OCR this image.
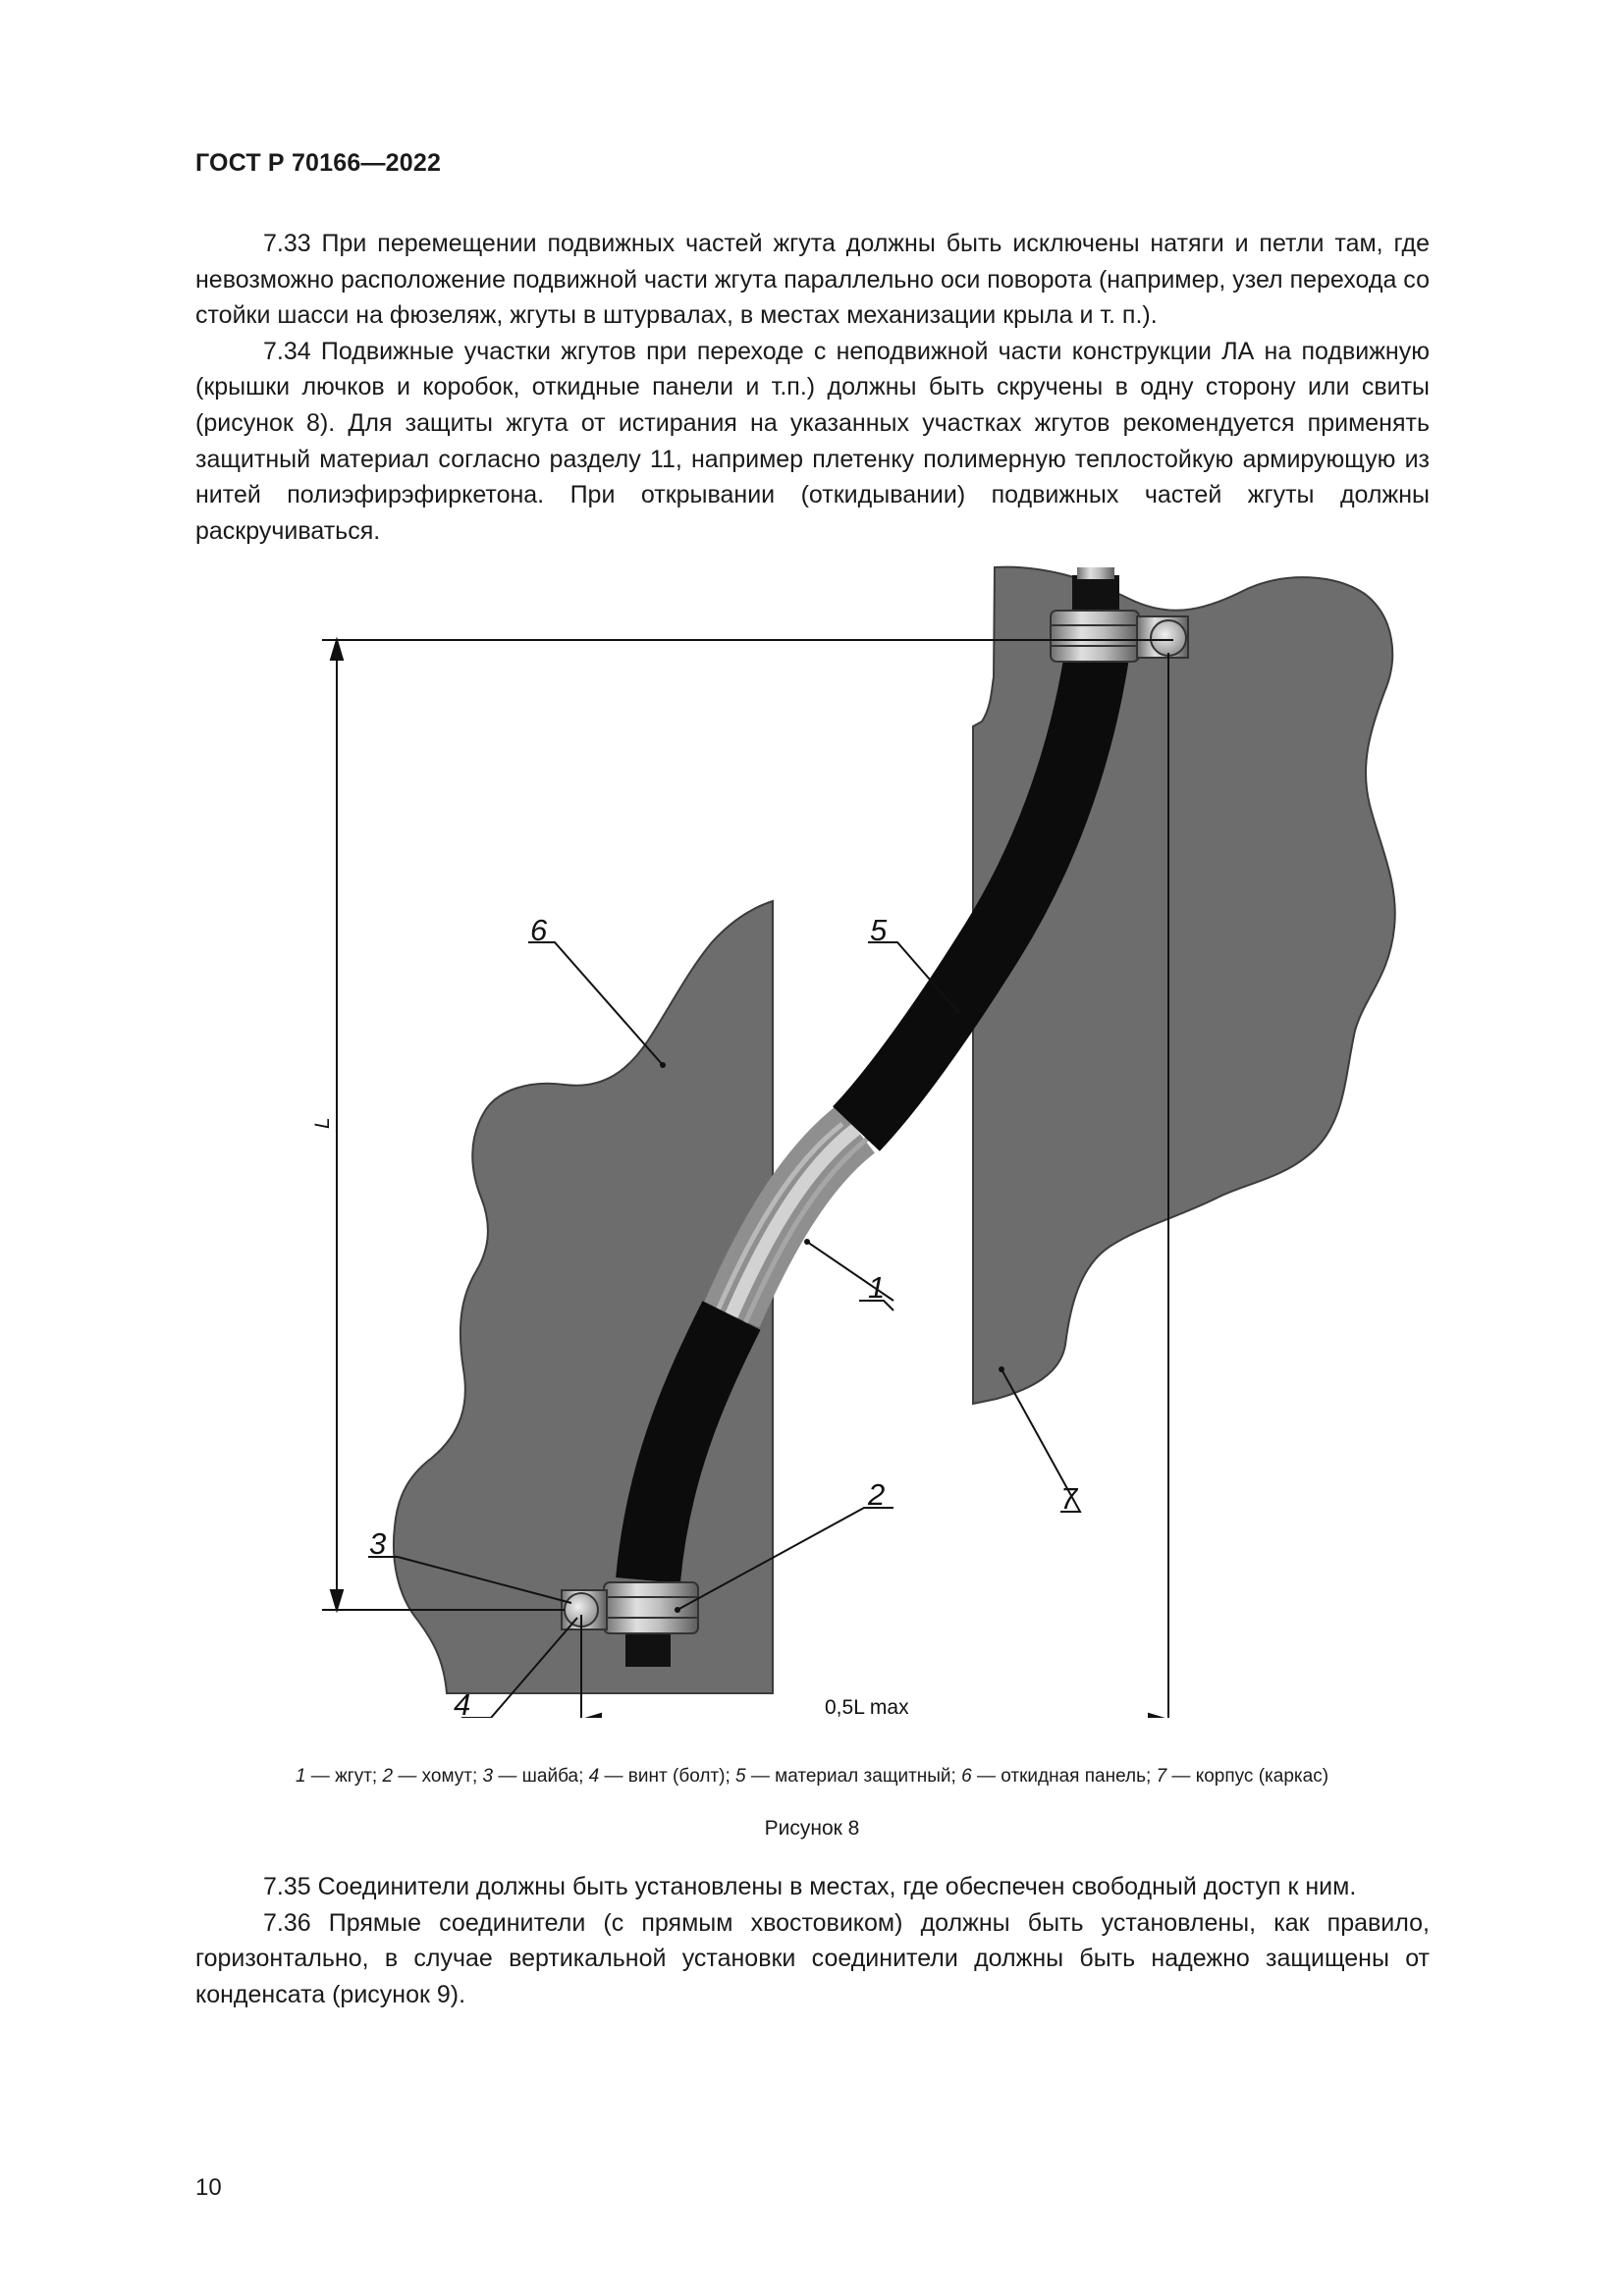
ГОСТ Р 70166—2022

7.33 При перемещении подвижных частей жгута должны быть исключены натяги и петли там, где невозможно расположение подвижной части жгута параллельно оси поворота (например, узел перехода со стойки шасси на фюзеляж, жгуты в штурвалах, в местах механизации крыла и т. п.).

7.34 Подвижные участки жгутов при переходе с неподвижной части конструкции ЛА на подвижную (крышки лючков и коробок, откидные панели и т.п.) должны быть скручены в одну сторону или свиты (рисунок 8). Для защиты жгута от истирания на указанных участках жгутов рекомендуется применять защитный материал согласно разделу 11, например плетенку полимерную теплостойкую армирующую из нитей полиэфирэфиркетона. При открывании (откидывании) подвижных частей жгуты должны раскручиваться.

L
0,5L max
6	5
1
2	7
3
4
1 — жгут; 2 — хомут; 3 — шайба; 4 — винт (болт); 5 — материал защитный; 6 — откидная панель; 7 — корпус (каркас)
Рисунок 8

7.35 Соединители должны быть установлены в местах, где обеспечен свободный доступ к ним.

7.36 Прямые соединители (с прямым хвостовиком) должны быть установлены, как правило, горизонтально, в случае вертикальной установки соединители должны быть надежно защищены от конденсата (рисунок 9).

10
